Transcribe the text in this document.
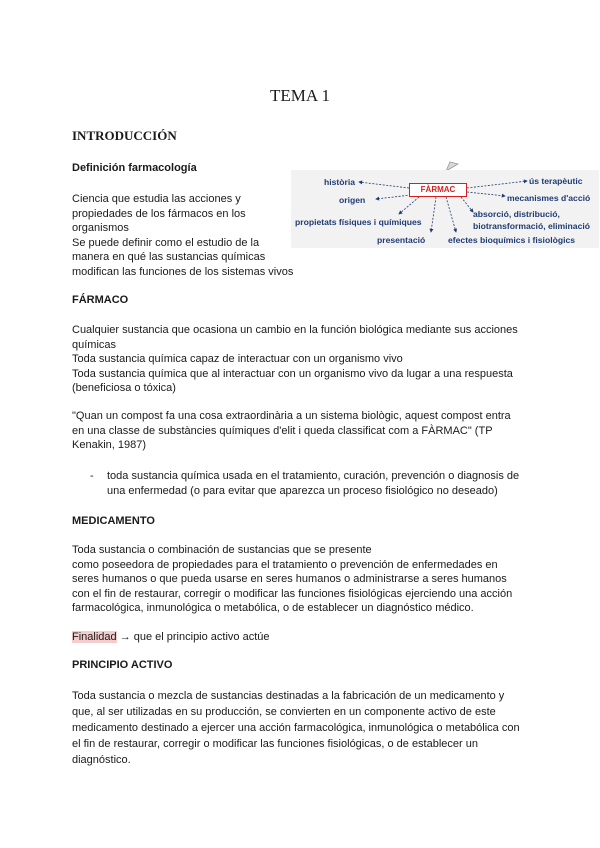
TEMA 1
INTRODUCCIÓN
Definición farmacología
Ciencia que estudia las acciones y
propiedades de los fármacos en los
organismos
Se puede definir como el estudio de la
manera en qué las sustancias químicas
modifican las funciones de los sistemas vivos
FÀRMAC
història
origen
propietats físiques i químiques
presentació
ús terapèutic
mecanismes d'acció
absorció, distribució,
biotransformació, eliminació
efectes bioquímics i fisiològics
FÁRMACO
Cualquier sustancia que ocasiona un cambio en la función biológica mediante sus acciones
químicas
Toda sustancia química capaz de interactuar con un organismo vivo
Toda sustancia química que al interactuar con un organismo vivo da lugar a una respuesta
(beneficiosa o tóxica)
"Quan un compost fa una cosa extraordinària a un sistema biològic, aquest compost entra
en una classe de substàncies químiques d'elit i queda classificat com a FÀRMAC" (TP
Kenakin, 1987)
- toda sustancia química usada en el tratamiento, curación, prevención o diagnosis de
una enfermedad (o para evitar que aparezca un proceso fisiológico no deseado)
MEDICAMENTO
Toda sustancia o combinación de sustancias que se presente
como poseedora de propiedades para el tratamiento o prevención de enfermedades en
seres humanos o que pueda usarse en seres humanos o administrarse a seres humanos
con el fin de restaurar, corregir o modificar las funciones fisiológicas ejerciendo una acción
farmacológica, inmunológica o metabólica, o de establecer un diagnóstico médico.
Finalidad → que el principio activo actúe
PRINCIPIO ACTIVO
Toda sustancia o mezcla de sustancias destinadas a la fabricación de un medicamento y
que, al ser utilizadas en su producción, se convierten en un componente activo de este
medicamento destinado a ejercer una acción farmacológica, inmunológica o metabólica con
el fin de restaurar, corregir o modificar las funciones fisiológicas, o de establecer un
diagnóstico.
